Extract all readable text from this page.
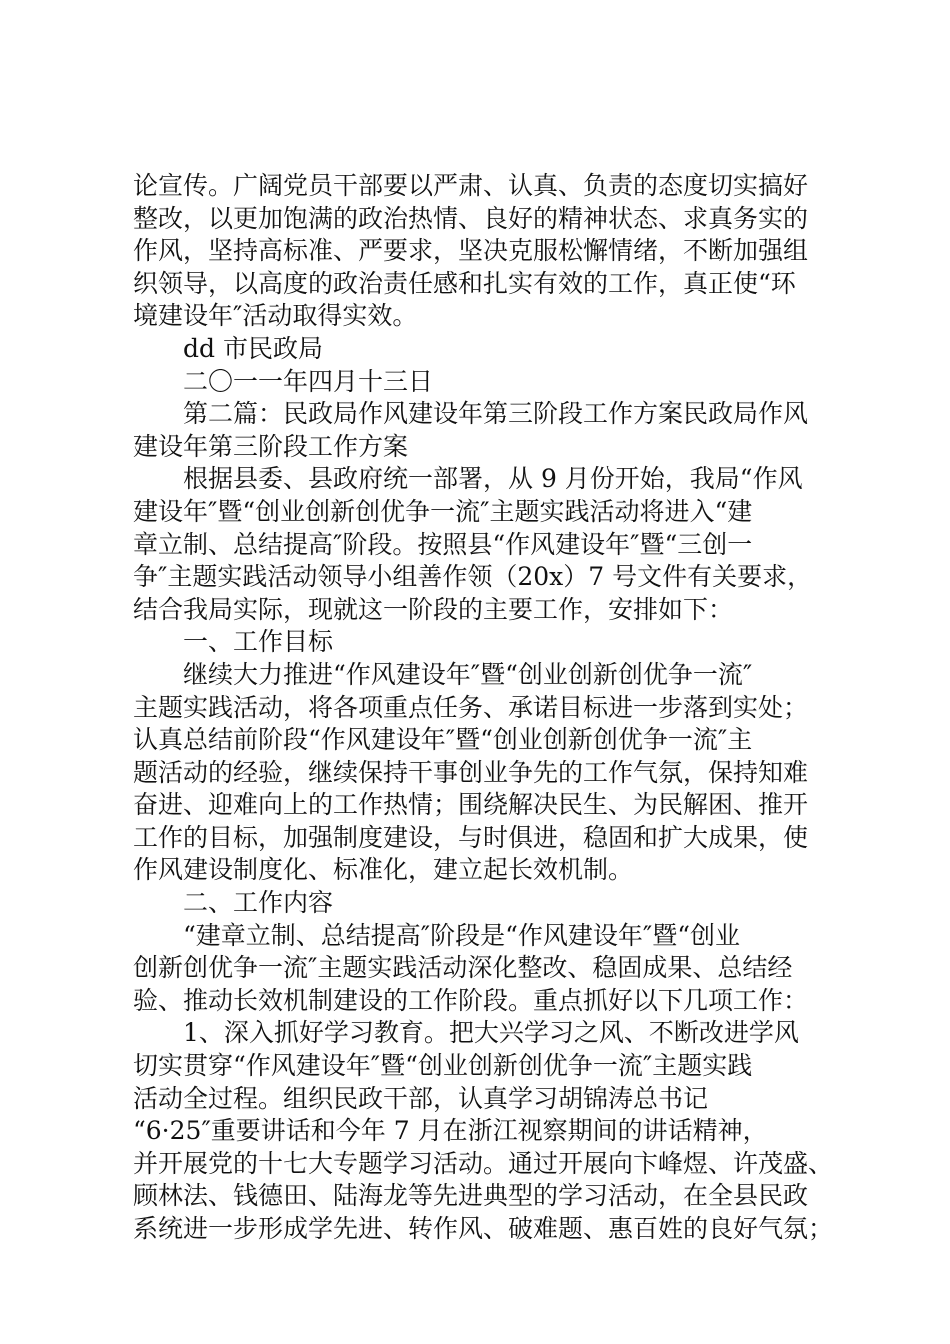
论宣传。广阔党员干部要以严肃、认真、负责的态度切实搞好
整改，以更加饱满的政治热情、良好的精神状态、求真务实的
作风，坚持高标准、严要求，坚决克服松懈情绪，不断加强组
织领导，以高度的政治责任感和扎实有效的工作，真正使“环
境建设年″活动取得实效。
dd 市民政局
二〇一一年四月十三日
第二篇：民政局作风建设年第三阶段工作方案民政局作风
建设年第三阶段工作方案
根据县委、县政府统一部署，从 9 月份开始，我局“作风
建设年″暨“创业创新创优争一流″主题实践活动将进入“建
章立制、总结提高″阶段。按照县“作风建设年″暨“三创一
争″主题实践活动领导小组善作领（20x）7 号文件有关要求，
结合我局实际，现就这一阶段的主要工作，安排如下：
一、工作目标
继续大力推进“作风建设年″暨“创业创新创优争一流″
主题实践活动，将各项重点任务、承诺目标进一步落到实处；
认真总结前阶段“作风建设年″暨“创业创新创优争一流″主
题活动的经验，继续保持干事创业争先的工作气氛，保持知难
奋进、迎难向上的工作热情；围绕解决民生、为民解困、推开
工作的目标，加强制度建设，与时俱进，稳固和扩大成果，使
作风建设制度化、标准化，建立起长效机制。
二、工作内容
“建章立制、总结提高″阶段是“作风建设年″暨“创业
创新创优争一流″主题实践活动深化整改、稳固成果、总结经
验、推动长效机制建设的工作阶段。重点抓好以下几项工作：
1、深入抓好学习教育。把大兴学习之风、不断改进学风
切实贯穿“作风建设年″暨“创业创新创优争一流″主题实践
活动全过程。组织民政干部，认真学习胡锦涛总书记
“6·25″重要讲话和今年 7 月在浙江视察期间的讲话精神，
并开展党的十七大专题学习活动。通过开展向卞峰煜、许茂盛、
顾林法、钱德田、陆海龙等先进典型的学习活动，在全县民政
系统进一步形成学先进、转作风、破难题、惠百姓的良好气氛；
